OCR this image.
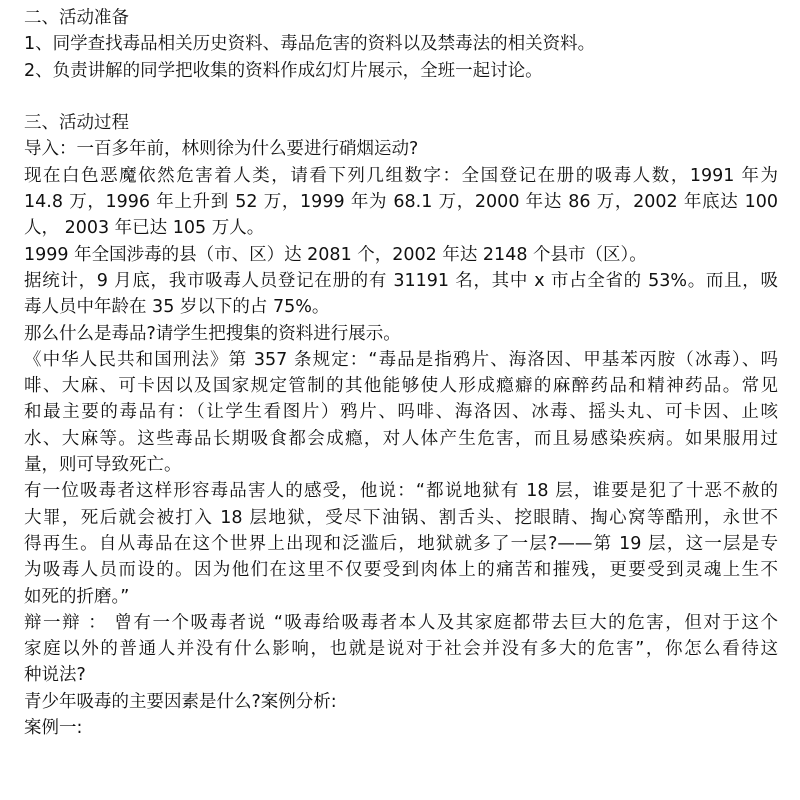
二、活动准备
1、同学查找毒品相关历史资料、毒品危害的资料以及禁毒法的相关资料。
2、负责讲解的同学把收集的资料作成幻灯片展示，全班一起讨论。
三、活动过程
导入：一百多年前，林则徐为什么要进行硝烟运动?
现在白色恶魔依然危害着人类，请看下列几组数字：全国登记在册的吸毒人数，1991 年为
14.8 万，1996 年上升到 52 万，1999 年为 68.1 万，2000 年达 86 万，2002 年底达 100
人， 2003 年已达 105 万人。
1999 年全国涉毒的县（市、区）达 2081 个，2002 年达 2148 个县市（区）。
据统计，9 月底，我市吸毒人员登记在册的有 31191 名，其中 x 市占全省的 53%。而且，吸
毒人员中年龄在 35 岁以下的占 75%。
那么什么是毒品?请学生把搜集的资料进行展示。
《中华人民共和国刑法》第 357 条规定：“毒品是指鸦片、海洛因、甲基苯丙胺（冰毒）、吗
啡、大麻、可卡因以及国家规定管制的其他能够使人形成瘾癖的麻醉药品和精神药品。常见
和最主要的毒品有：（让学生看图片）鸦片、吗啡、海洛因、冰毒、摇头丸、可卡因、止咳
水、大麻等。这些毒品长期吸食都会成瘾，对人体产生危害，而且易感染疾病。如果服用过
量，则可导致死亡。
有一位吸毒者这样形容毒品害人的感受，他说：“都说地狱有 18 层，谁要是犯了十恶不赦的
大罪，死后就会被打入 18 层地狱，受尽下油锅、割舌头、挖眼睛、掏心窝等酷刑，永世不
得再生。自从毒品在这个世界上出现和泛滥后，地狱就多了一层?——第 19 层，这一层是专
为吸毒人员而设的。因为他们在这里不仅要受到肉体上的痛苦和摧残，更要受到灵魂上生不
如死的折磨。”
辩一辩 ： 曾有一个吸毒者说 “吸毒给吸毒者本人及其家庭都带去巨大的危害，但对于这个
家庭以外的普通人并没有什么影响，也就是说对于社会并没有多大的危害”，你怎么看待这
种说法?
青少年吸毒的主要因素是什么?案例分析:
案例一:
